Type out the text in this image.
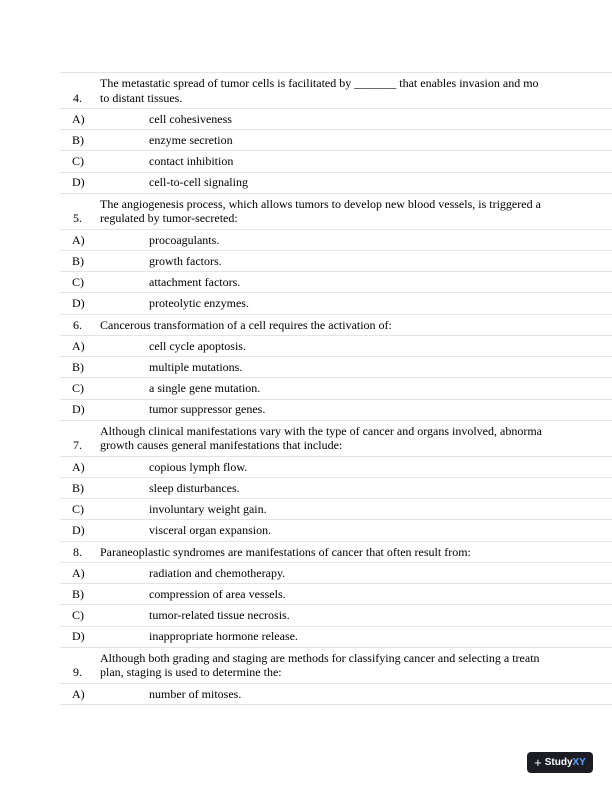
4.
The metastatic spread of tumor cells is facilitated by _______ that enables invasion and mo
to distant tissues.
A)	cell cohesiveness
B)	enzyme secretion
C)	contact inhibition
D)	cell-to-cell signaling
5.
The angiogenesis process, which allows tumors to develop new blood vessels, is triggered a
regulated by tumor-secreted:
A)	procoagulants.
B)	growth factors.
C)	attachment factors.
D)	proteolytic enzymes.
6.	Cancerous transformation of a cell requires the activation of:
A)	cell cycle apoptosis.
B)	multiple mutations.
C)	a single gene mutation.
D)	tumor suppressor genes.
7.
Although clinical manifestations vary with the type of cancer and organs involved, abnorma
growth causes general manifestations that include:
A)	copious lymph flow.
B)	sleep disturbances.
C)	involuntary weight gain.
D)	visceral organ expansion.
8.	Paraneoplastic syndromes are manifestations of cancer that often result from:
A)	radiation and chemotherapy.
B)	compression of area vessels.
C)	tumor-related tissue necrosis.
D)	inappropriate hormone release.
9.
Although both grading and staging are methods for classifying cancer and selecting a treatn
plan, staging is used to determine the:
A)	number of mitoses.
+ Study XY
